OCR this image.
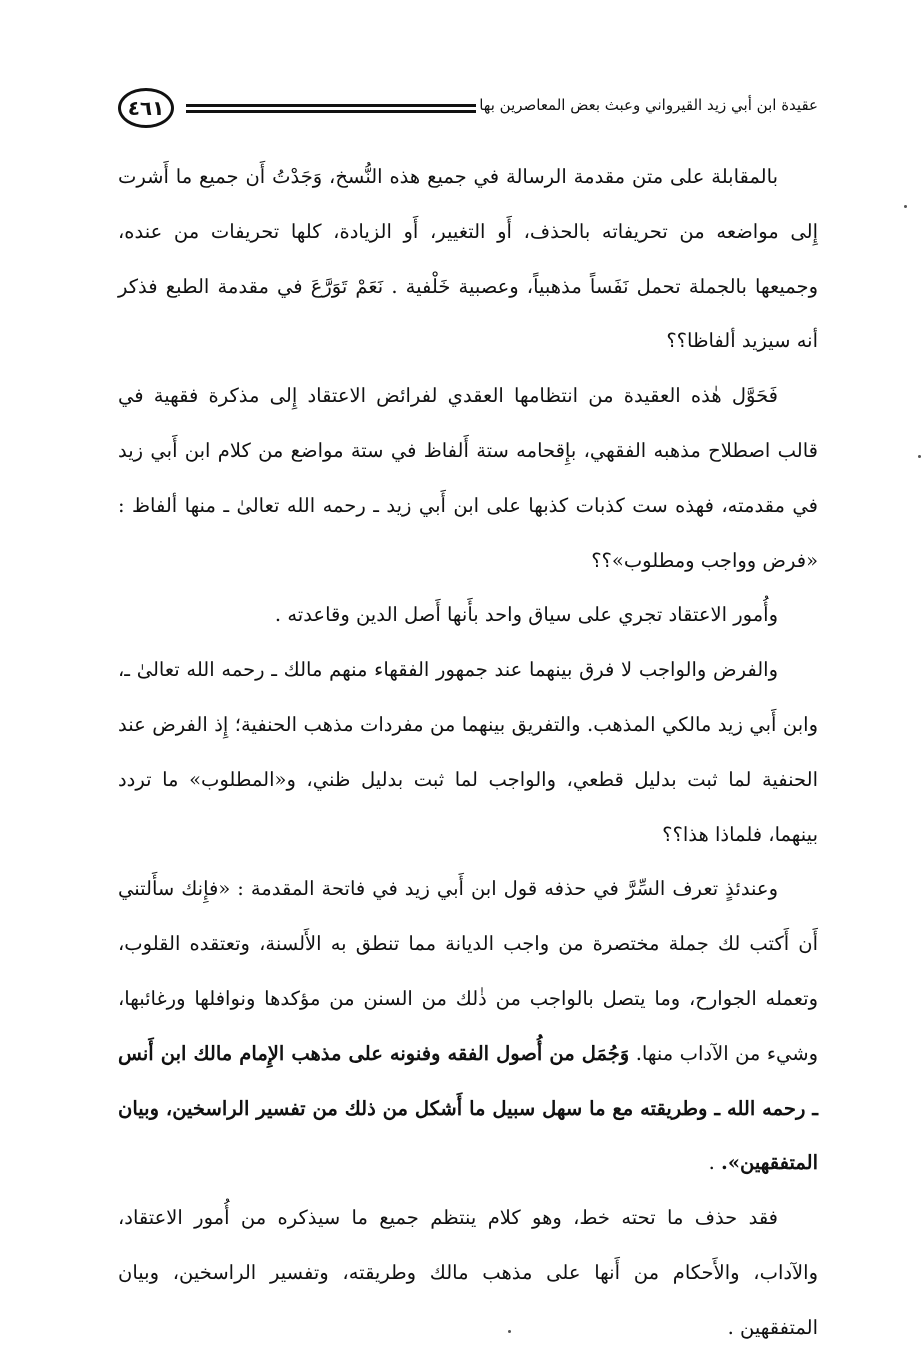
٤٦١	عقيدة ابن أبي زيد القيرواني وعبث بعض المعاصرين بها

بالمقابلة على متن مقدمة الرسالة في جميع هذه النُّسخ، وَجَدْتُ أَن جميع ما أَشرت إِلى مواضعه من تحريفاته بالحذف، أَو التغيير، أَو الزيادة، كلها تحريفات من عنده، وجميعها بالجملة تحمل نَفَساً مذهبياً، وعصبية خَلْفية . نَعَمْ تَوَرَّعَ في مقدمة الطبع فذكر أنه سيزيد ألفاظا؟؟

فَحَوَّل هٰذه العقيدة من انتظامها العقدي لفرائض الاعتقاد إِلى مذكرة فقهية في قالب اصطلاح مذهبه الفقهي، بإِقحامه ستة أَلفاظ في ستة مواضع من كلام ابن أَبي زيد في مقدمته، فهذه ست كذبات كذبها على ابن أَبي زيد ـ رحمه الله تعالىٰ ـ منها ألفاظ : «فرض وواجب ومطلوب»؟؟

وأُمور الاعتقاد تجري على سياق واحد بأَنها أَصل الدين وقاعدته .

والفرض والواجب لا فرق بينهما عند جمهور الفقهاء منهم مالك ـ رحمه الله تعالىٰ ـ، وابن أَبي زيد مالكي المذهب. والتفريق بينهما من مفردات مذهب الحنفية؛ إِذ الفرض عند الحنفية لما ثبت بدليل قطعي، والواجب لما ثبت بدليل ظني، و«المطلوب» ما تردد بينهما، فلماذا هذا؟؟

وعندئذٍ تعرف السِّرَّ في حذفه قول ابن أَبي زيد في فاتحة المقدمة : «فإِنك سأَلتني أَن أَكتب لك جملة مختصرة من واجب الديانة مما تنطق به الأَلسنة، وتعتقده القلوب، وتعمله الجوارح، وما يتصل بالواجب من ذٰلك من السنن من مؤكدها ونوافلها ورغائبها، وشيء من الآداب منها. وَجُمَل من أُصول الفقه وفنونه على مذهب الإِمام مالك ابن أَنس ـ رحمه الله ـ وطريقته مع ما سهل سبيل ما أَشكل من ذلك من تفسير الراسخين، وبيان المتفقهين». .

فقد حذف ما تحته خط، وهو كلام ينتظم جميع ما سيذكره من أُمور الاعتقاد، والآداب، والأَحكام من أَنها على مذهب مالك وطريقته، وتفسير الراسخين، وبيان المتفقهين .
